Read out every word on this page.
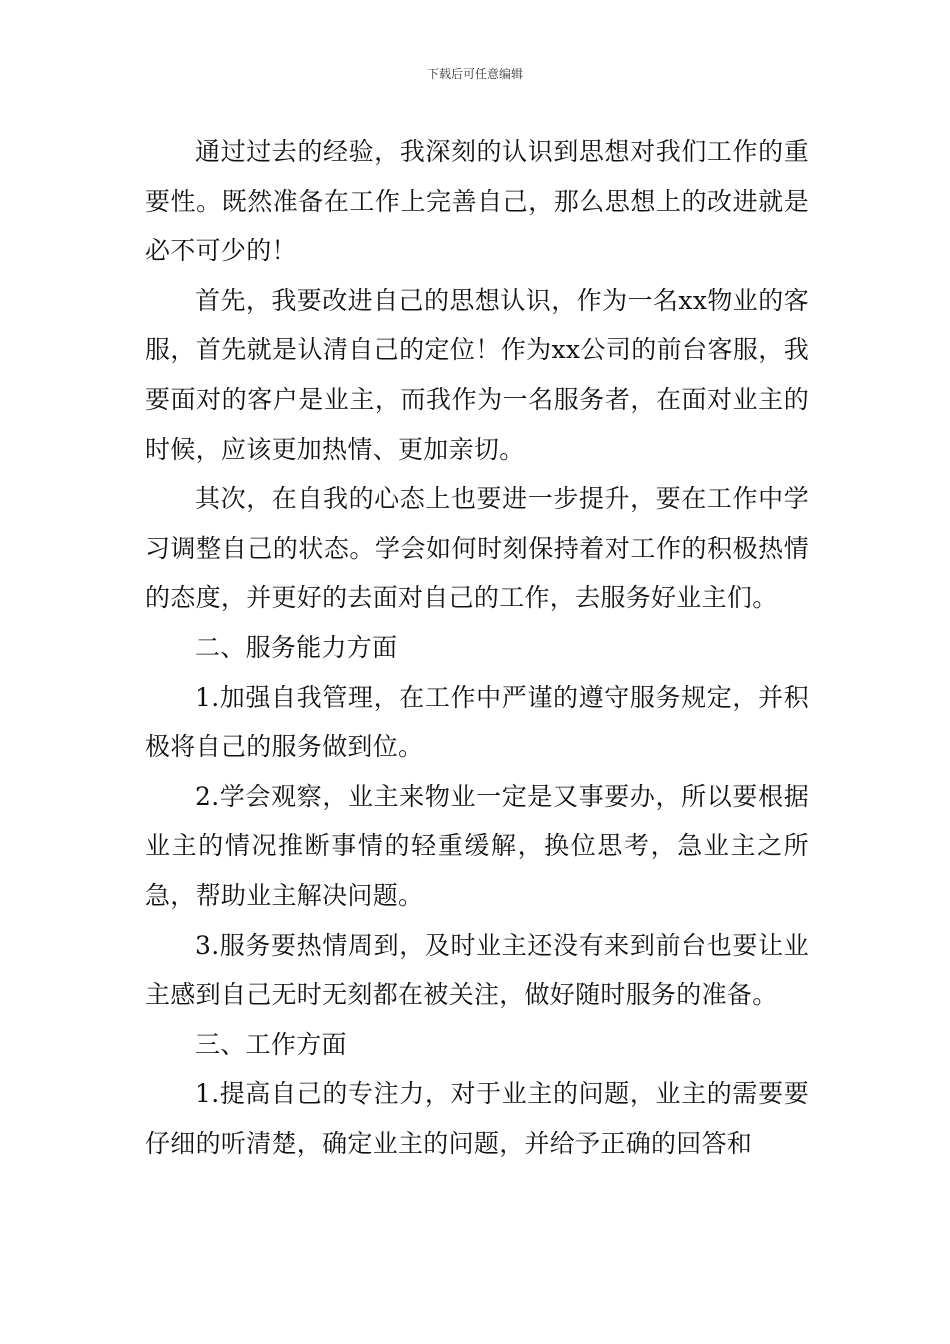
下载后可任意编辑

通过过去的经验，我深刻的认识到思想对我们工作的重要性。既然准备在工作上完善自己，那么思想上的改进就是必不可少的！

首先，我要改进自己的思想认识，作为一名xx物业的客服，首先就是认清自己的定位！作为xx公司的前台客服，我要面对的客户是业主，而我作为一名服务者，在面对业主的时候，应该更加热情、更加亲切。

其次，在自我的心态上也要进一步提升，要在工作中学习调整自己的状态。学会如何时刻保持着对工作的积极热情的态度，并更好的去面对自己的工作，去服务好业主们。

二、服务能力方面

1.加强自我管理，在工作中严谨的遵守服务规定，并积极将自己的服务做到位。

2.学会观察，业主来物业一定是又事要办，所以要根据业主的情况推断事情的轻重缓解，换位思考，急业主之所急，帮助业主解决问题。

3.服务要热情周到，及时业主还没有来到前台也要让业主感到自己无时无刻都在被关注，做好随时服务的准备。

三、工作方面

1.提高自己的专注力，对于业主的问题，业主的需要要仔细的听清楚，确定业主的问题，并给予正确的回答和
